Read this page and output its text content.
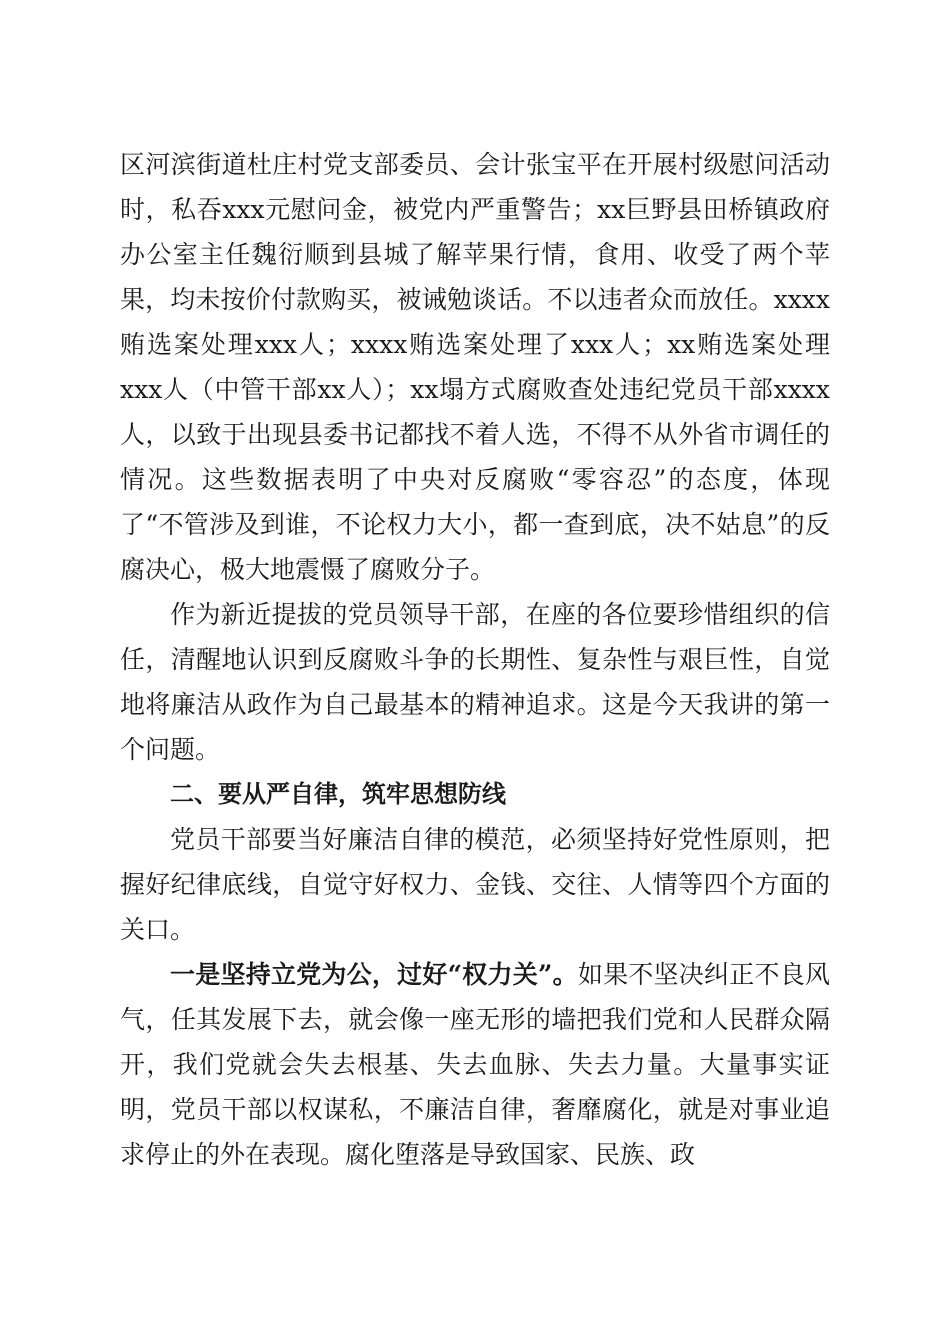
区河滨街道杜庄村党支部委员、会计张宝平在开展村级慰问活动时，私吞xxx元慰问金，被党内严重警告；xx巨野县田桥镇政府办公室主任魏衍顺到县城了解苹果行情，食用、收受了两个苹果，均未按价付款购买，被诫勉谈话。不以违者众而放任。xxxx贿选案处理xxx人；xxxx贿选案处理了xxx人；xx贿选案处理xxx人（中管干部xx人）；xx塌方式腐败查处违纪党员干部xxxx人，以致于出现县委书记都找不着人选，不得不从外省市调任的情况。这些数据表明了中央对反腐败“零容忍”的态度，体现了“不管涉及到谁，不论权力大小，都一查到底，决不姑息”的反腐决心，极大地震慑了腐败分子。

作为新近提拔的党员领导干部，在座的各位要珍惜组织的信任，清醒地认识到反腐败斗争的长期性、复杂性与艰巨性，自觉地将廉洁从政作为自己最基本的精神追求。这是今天我讲的第一个问题。

二、要从严自律，筑牢思想防线

党员干部要当好廉洁自律的模范，必须坚持好党性原则，把握好纪律底线，自觉守好权力、金钱、交往、人情等四个方面的关口。

一是坚持立党为公，过好“权力关”。如果不坚决纠正不良风气，任其发展下去，就会像一座无形的墙把我们党和人民群众隔开，我们党就会失去根基、失去血脉、失去力量。大量事实证明，党员干部以权谋私，不廉洁自律，奢靡腐化，就是对事业追求停止的外在表现。腐化堕落是导致国家、民族、政
